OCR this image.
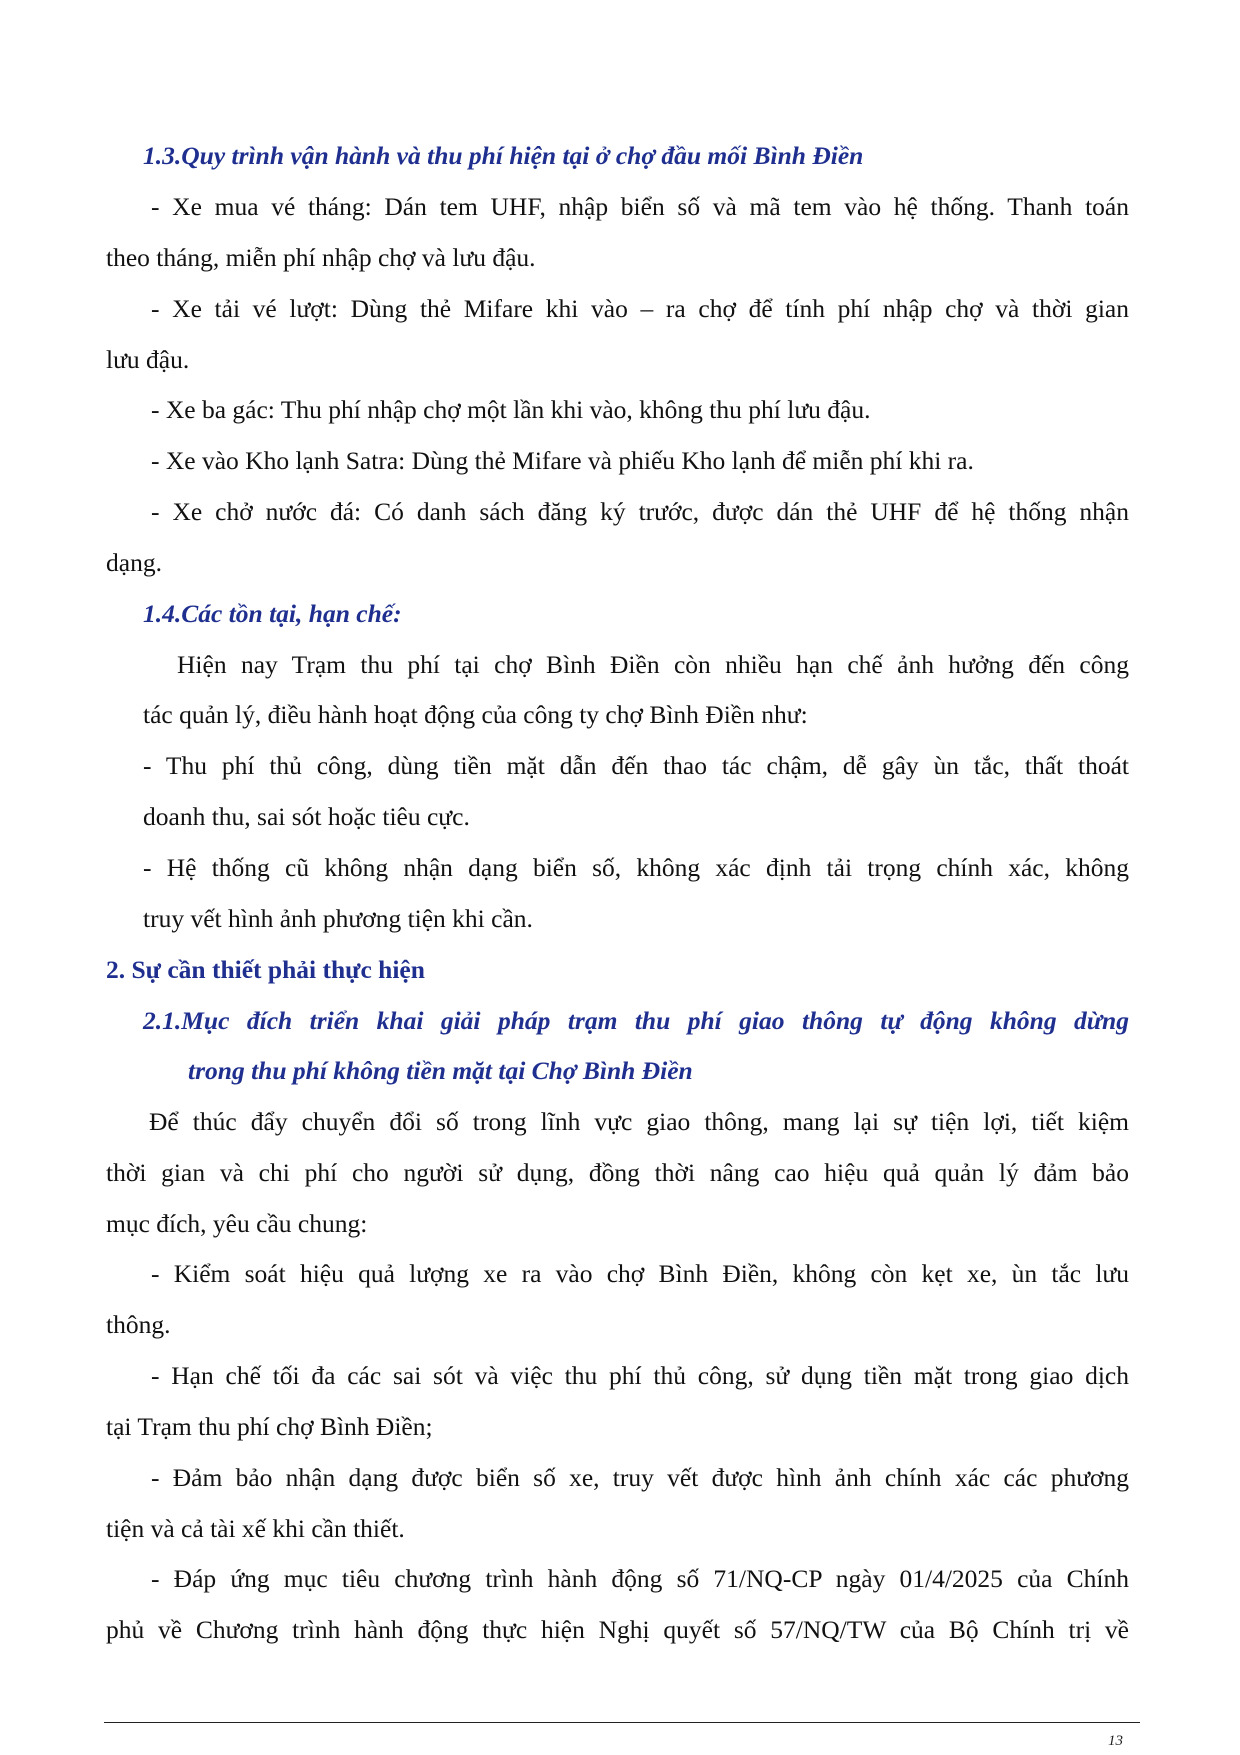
1.3.Quy trình vận hành và thu phí hiện tại ở chợ đầu mối Bình Điền
- Xe mua vé tháng: Dán tem UHF, nhập biển số và mã tem vào hệ thống. Thanh toán
theo tháng, miễn phí nhập chợ và lưu đậu.
- Xe tải vé lượt: Dùng thẻ Mifare khi vào – ra chợ để tính phí nhập chợ và thời gian
lưu đậu.
- Xe ba gác: Thu phí nhập chợ một lần khi vào, không thu phí lưu đậu.
- Xe vào Kho lạnh Satra: Dùng thẻ Mifare và phiếu Kho lạnh để miễn phí khi ra.
- Xe chở nước đá: Có danh sách đăng ký trước, được dán thẻ UHF để hệ thống nhận
dạng.
1.4.Các tồn tại, hạn chế:
Hiện nay Trạm thu phí tại chợ Bình Điền còn nhiều hạn chế ảnh hưởng đến công
tác quản lý, điều hành hoạt động của công ty chợ Bình Điền như:
- Thu phí thủ công, dùng tiền mặt dẫn đến thao tác chậm, dễ gây ùn tắc, thất thoát
doanh thu, sai sót hoặc tiêu cực.
- Hệ thống cũ không nhận dạng biển số, không xác định tải trọng chính xác, không
truy vết hình ảnh phương tiện khi cần.
2. Sự cần thiết phải thực hiện
2.1.Mục đích triển khai giải pháp trạm thu phí giao thông tự động không dừng
trong thu phí không tiền mặt tại Chợ Bình Điền
Để thúc đẩy chuyển đổi số trong lĩnh vực giao thông, mang lại sự tiện lợi, tiết kiệm
thời gian và chi phí cho người sử dụng, đồng thời nâng cao hiệu quả quản lý đảm bảo
mục đích, yêu cầu chung:
- Kiểm soát hiệu quả lượng xe ra vào chợ Bình Điền, không còn kẹt xe, ùn tắc lưu
thông.
- Hạn chế tối đa các sai sót và việc thu phí thủ công, sử dụng tiền mặt trong giao dịch
tại Trạm thu phí chợ Bình Điền;
- Đảm bảo nhận dạng được biển số xe, truy vết được hình ảnh chính xác các phương
tiện và cả tài xế khi cần thiết.
- Đáp ứng mục tiêu chương trình hành động số 71/NQ-CP ngày 01/4/2025 của Chính
phủ về Chương trình hành động thực hiện Nghị quyết số 57/NQ/TW của Bộ Chính trị về
13
